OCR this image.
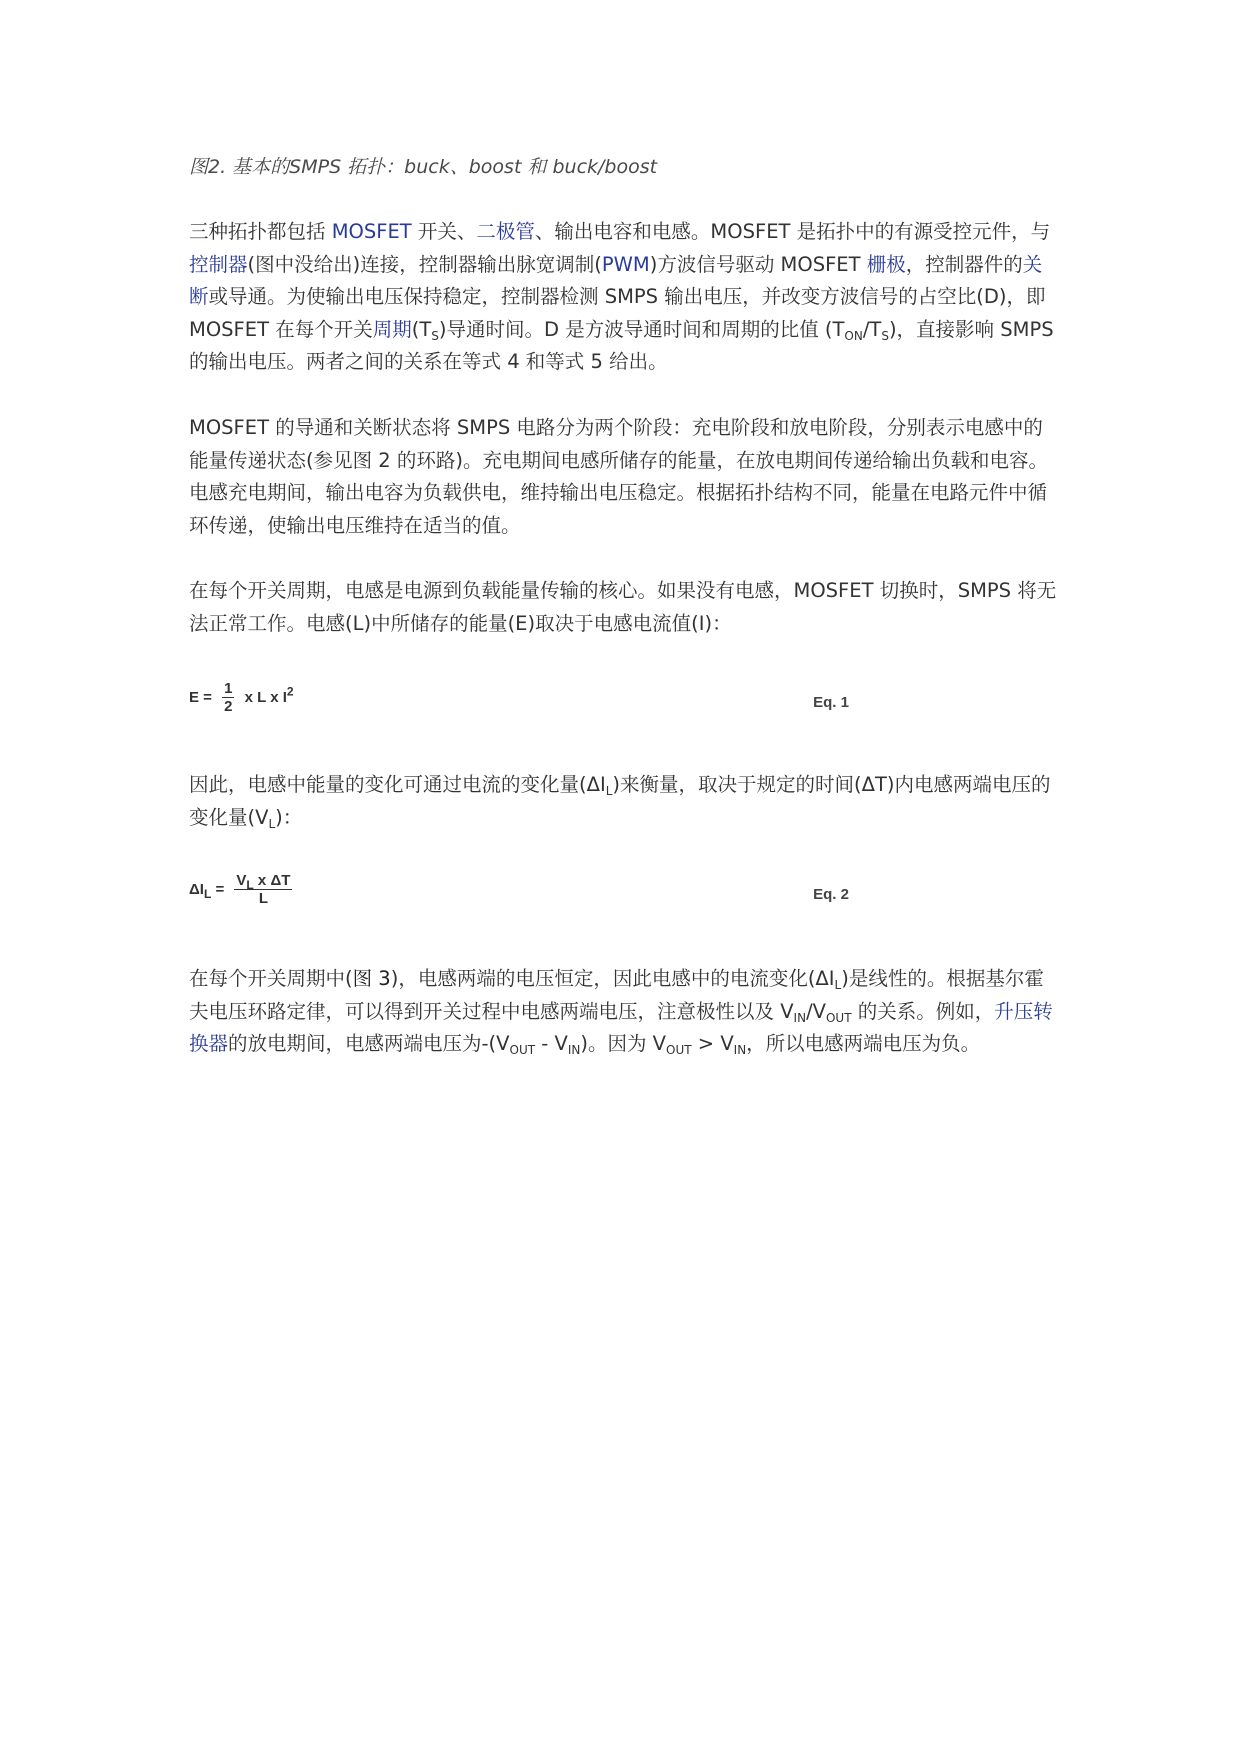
图2. 基本的SMPS 拓扑：buck、boost 和 buck/boost
三种拓扑都包括 MOSFET 开关、二极管、输出电容和电感。MOSFET 是拓扑中的有源受控元件，与控制器(图中没给出)连接，控制器输出脉宽调制(PWM)方波信号驱动 MOSFET 栅极，控制器件的关断或导通。为使输出电压保持稳定，控制器检测 SMPS 输出电压，并改变方波信号的占空比(D)，即 MOSFET 在每个开关周期$(T_S)$导通时间。D 是方波导通时间和周期的比值 $(T_{ON}/T_S)$，直接影响 SMPS 的输出电压。两者之间的关系在等式 4 和等式 5 给出。
MOSFET 的导通和关断状态将 SMPS 电路分为两个阶段：充电阶段和放电阶段，分别表示电感中的能量传递状态(参见图 2 的环路)。充电期间电感所储存的能量，在放电期间传递给输出负载和电容。电感充电期间，输出电容为负载供电，维持输出电压稳定。根据拓扑结构不同，能量在电路元件中循环传递，使输出电压维持在适当的值。
在每个开关周期，电感是电源到负载能量传输的核心。如果没有电感，MOSFET 切换时，SMPS 将无法正常工作。电感(L)中所储存的能量(E)取决于电感电流值(I)：
$E = \frac{1}{2}$ x L x $I^2$
Eq. 1
因此，电感中能量的变化可通过电流的变化量$(\Delta I_L)$来衡量，取决于规定的时间(ΔT)内电感两端电压的变化量$(V_L)$：
$\Delta I_L = \frac{V_L x \Delta T}{L}$	Eq. 2
在每个开关周期中(图 3)，电感两端的电压恒定，因此电感中的电流变化$(\Delta I_L)$是线性的。根据基尔霍夫电压环路定律，可以得到开关过程中电感两端电压，注意极性以及 $V_{IN}/V_{OUT}$ 的关系。例如，升压转换器的放电期间，电感两端电压为$-(V_{OUT} - V_{IN})$。因为 $V_{OUT} > V_{IN}$，所以电感两端电压为负。
